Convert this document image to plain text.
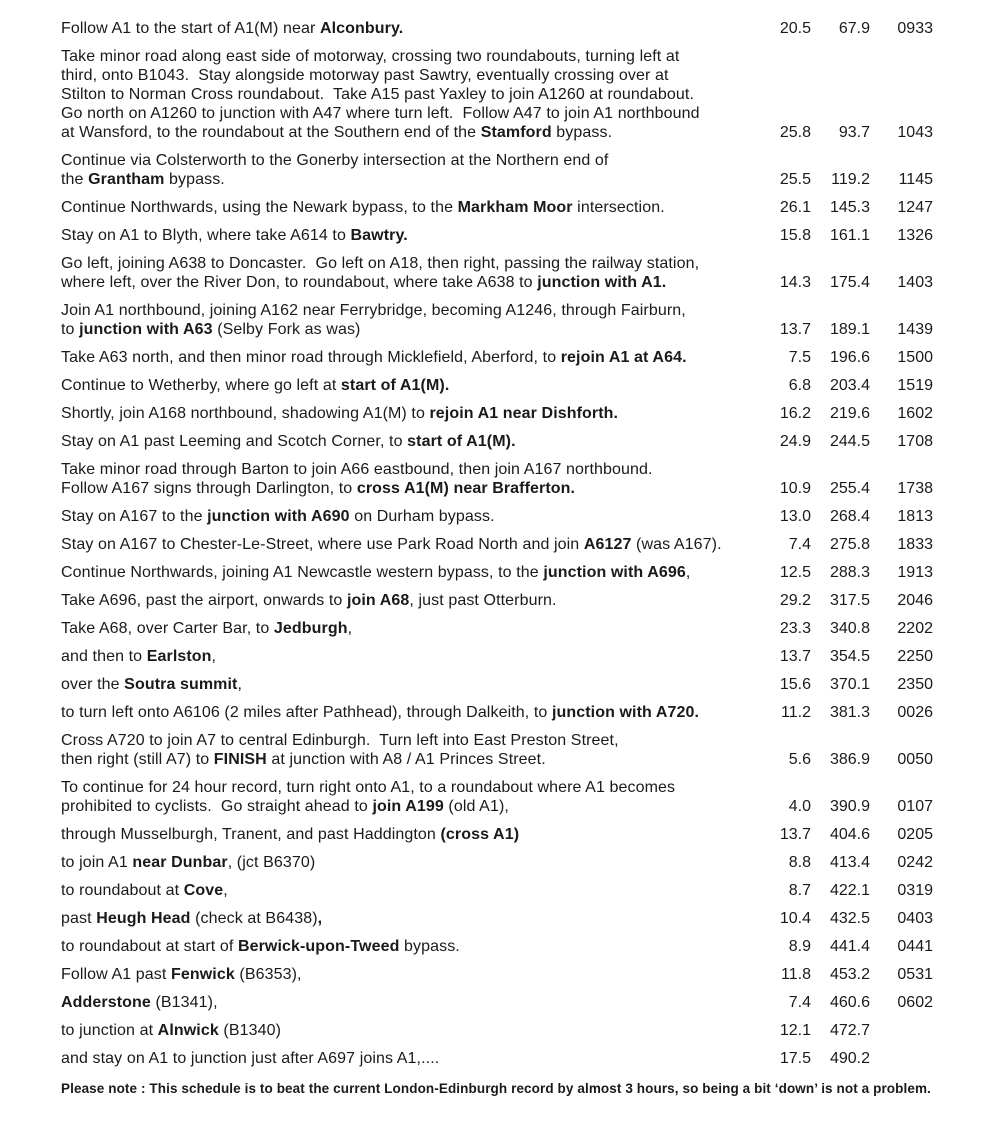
Follow A1 to the start of A1(M) near Alconbury.	20.5	67.9	0933
Take minor road along east side of motorway, crossing two roundabouts, turning left at
third, onto B1043.  Stay alongside motorway past Sawtry, eventually crossing over at
Stilton to Norman Cross roundabout.  Take A15 past Yaxley to join A1260 at roundabout.
Go north on A1260 to junction with A47 where turn left.  Follow A47 to join A1 northbound
at Wansford, to the roundabout at the Southern end of the Stamford bypass.	25.8	93.7	1043
Continue via Colsterworth to the Gonerby intersection at the Northern end of
the Grantham bypass.	25.5	119.2	1145
Continue Northwards, using the Newark bypass, to the Markham Moor intersection.	26.1	145.3	1247
Stay on A1 to Blyth, where take A614 to Bawtry.	15.8	161.1	1326
Go left, joining A638 to Doncaster.  Go left on A18, then right, passing the railway station,
where left, over the River Don, to roundabout, where take A638 to junction with A1.	14.3	175.4	1403
Join A1 northbound, joining A162 near Ferrybridge, becoming A1246, through Fairburn,
to junction with A63 (Selby Fork as was)	13.7	189.1	1439
Take A63 north, and then minor road through Micklefield, Aberford, to rejoin A1 at A64.	7.5	196.6	1500
Continue to Wetherby, where go left at start of A1(M).	6.8	203.4	1519
Shortly, join A168 northbound, shadowing A1(M) to rejoin A1 near Dishforth.	16.2	219.6	1602
Stay on A1 past Leeming and Scotch Corner, to start of A1(M).	24.9	244.5	1708
Take minor road through Barton to join A66 eastbound, then join A167 northbound.
Follow A167 signs through Darlington, to cross A1(M) near Brafferton.	10.9	255.4	1738
Stay on A167 to the junction with A690 on Durham bypass.	13.0	268.4	1813
Stay on A167 to Chester-Le-Street, where use Park Road North and join A6127 (was A167).	7.4	275.8	1833
Continue Northwards, joining A1 Newcastle western bypass, to the junction with A696,	12.5	288.3	1913
Take A696, past the airport, onwards to join A68, just past Otterburn.	29.2	317.5	2046
Take A68, over Carter Bar, to Jedburgh,	23.3	340.8	2202
and then to Earlston,	13.7	354.5	2250
over the Soutra summit,	15.6	370.1	2350
to turn left onto A6106 (2 miles after Pathhead), through Dalkeith, to junction with A720.	11.2	381.3	0026
Cross A720 to join A7 to central Edinburgh.  Turn left into East Preston Street,
then right (still A7) to FINISH at junction with A8 / A1 Princes Street.	5.6	386.9	0050
To continue for 24 hour record, turn right onto A1, to a roundabout where A1 becomes
prohibited to cyclists.  Go straight ahead to join A199 (old A1),	4.0	390.9	0107
through Musselburgh, Tranent, and past Haddington (cross A1)	13.7	404.6	0205
to join A1 near Dunbar, (jct B6370)	8.8	413.4	0242
to roundabout at Cove,	8.7	422.1	0319
past Heugh Head (check at B6438),	10.4	432.5	0403
to roundabout at start of Berwick-upon-Tweed bypass.	8.9	441.4	0441
Follow A1 past Fenwick (B6353),	11.8	453.2	0531
Adderstone (B1341),	7.4	460.6	0602
to junction at Alnwick (B1340)	12.1	472.7
and stay on A1 to junction just after A697 joins A1,....	17.5	490.2
Please note : This schedule is to beat the current London-Edinburgh record by almost 3 hours, so being a bit ‘down’ is not a problem.
